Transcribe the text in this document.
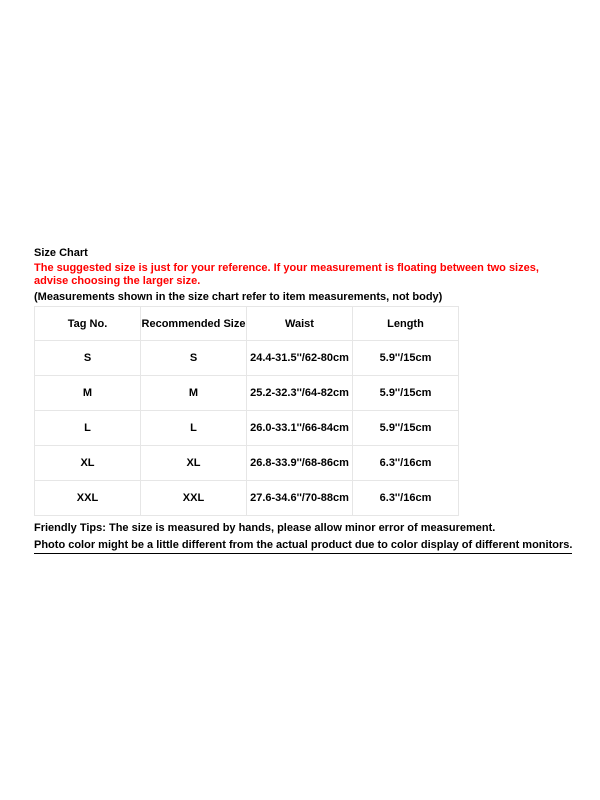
Size Chart
The suggested size is just for your reference. If your measurement is floating between two sizes, advise choosing the larger size.
(Measurements shown in the size chart refer to item measurements, not body)
Tag No.	Recommended Size	Waist	Length
S	S	24.4-31.5''/62-80cm	5.9''/15cm
M	M	25.2-32.3''/64-82cm	5.9''/15cm
L	L	26.0-33.1''/66-84cm	5.9''/15cm
XL	XL	26.8-33.9''/68-86cm	6.3''/16cm
XXL	XXL	27.6-34.6''/70-88cm	6.3''/16cm
Friendly Tips: The size is measured by hands, please allow minor error of measurement.
Photo color might be a little different from the actual product due to color display of different monitors.
